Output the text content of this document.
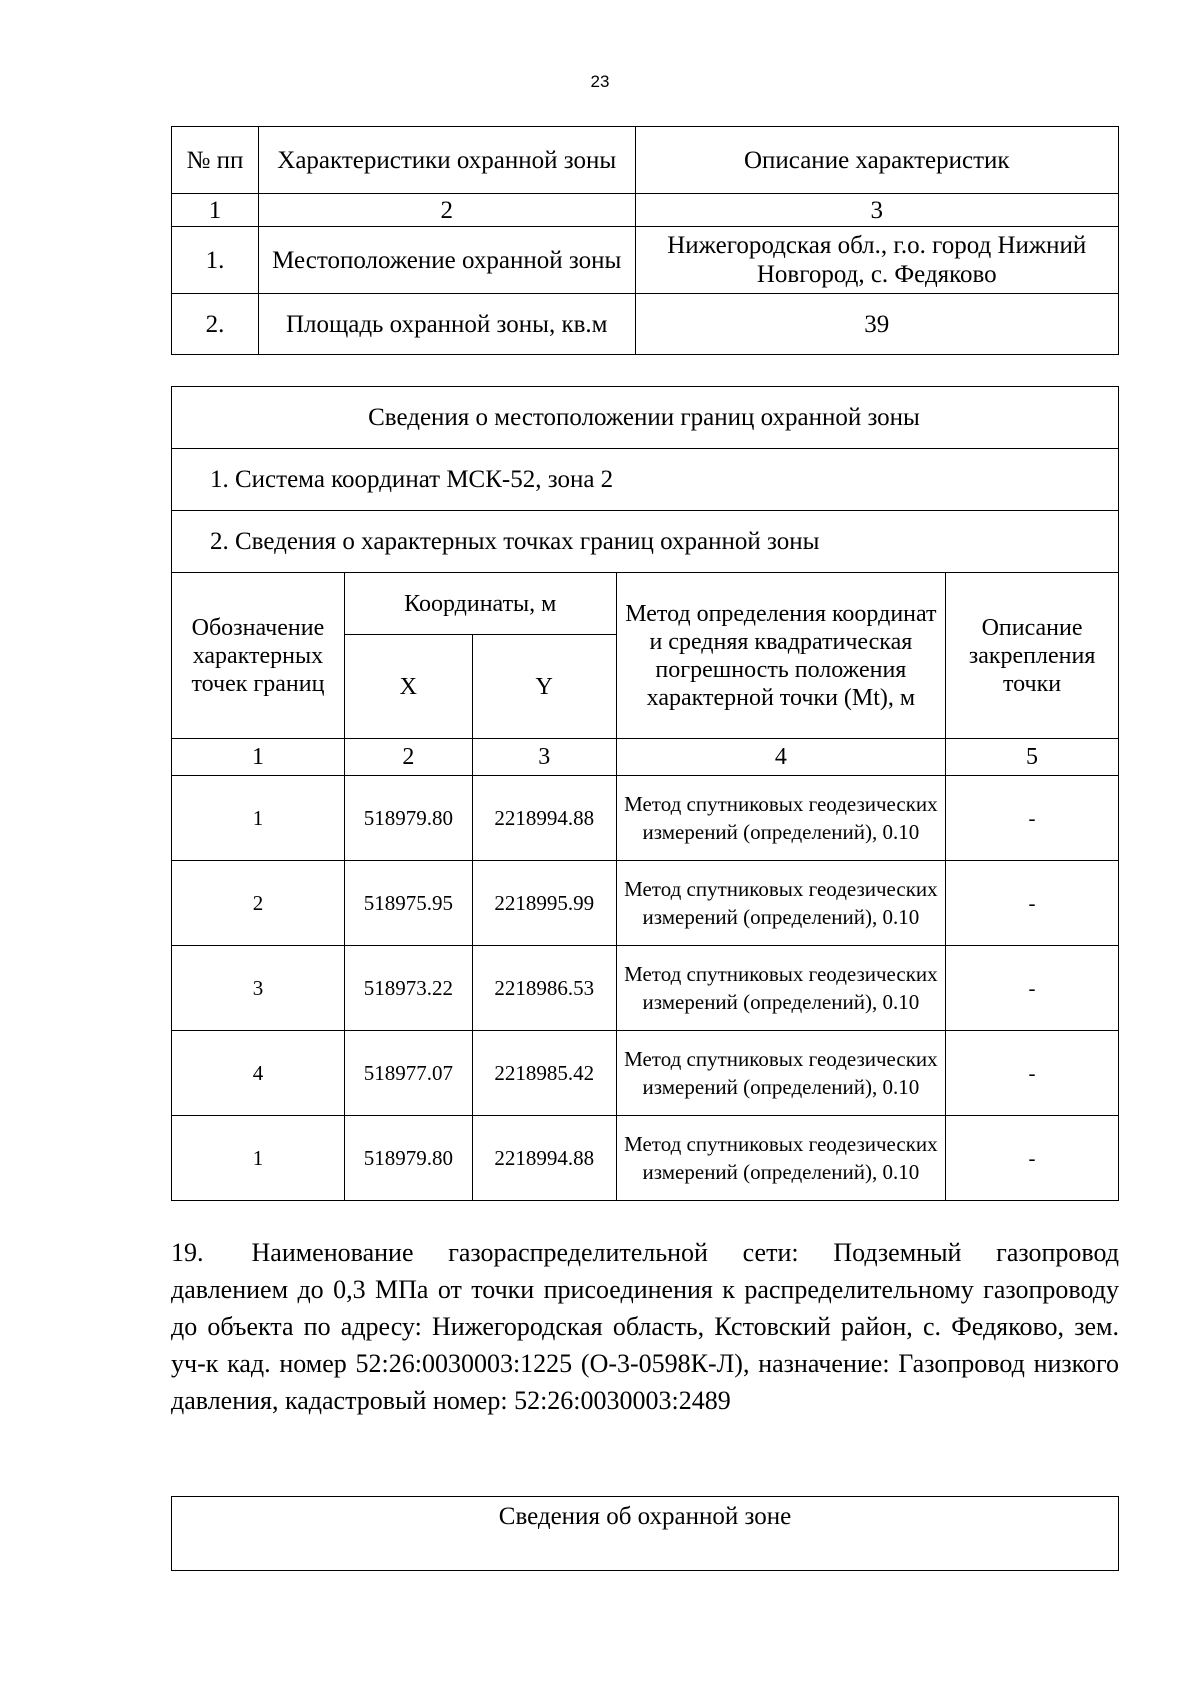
23
№ пп	Характеристики охранной зоны	Описание характеристик
1	2	3
1.	Местоположение охранной зоны	Нижегородская обл., г.о. город Нижний Новгород, с. Федяково
2.	Площадь охранной зоны, кв.м	39
Сведения о местоположении границ охранной зоны				
1. Система координат МСК-52, зона 2				
2. Сведения о характерных точках границ охранной зоны				
Обозначение характерных точек границ	Координаты, м		Метод определения координат и средняя квадратическая погрешность положения характерной точки (Mt), м	Описание закрепления точки
	X	Y		
1	2	3	4	5
1	518979.80	2218994.88	Метод спутниковых геодезических измерений (определений), 0.10	-
2	518975.95	2218995.99	Метод спутниковых геодезических измерений (определений), 0.10	-
3	518973.22	2218986.53	Метод спутниковых геодезических измерений (определений), 0.10	-
4	518977.07	2218985.42	Метод спутниковых геодезических измерений (определений), 0.10	-
1	518979.80	2218994.88	Метод спутниковых геодезических измерений (определений), 0.10	-

19. Наименование газораспределительной сети: Подземный газопровод давлением до 0,3 МПа от точки присоединения к распределительному газопроводу до объекта по адресу: Нижегородская область, Кстовский район, с. Федяково, зем. уч-к кад. номер 52:26:0030003:1225 (О-3-0598К-Л), назначение: Газопровод низкого давления, кадастровый номер: 52:26:0030003:2489

Сведения об охранной зоне
